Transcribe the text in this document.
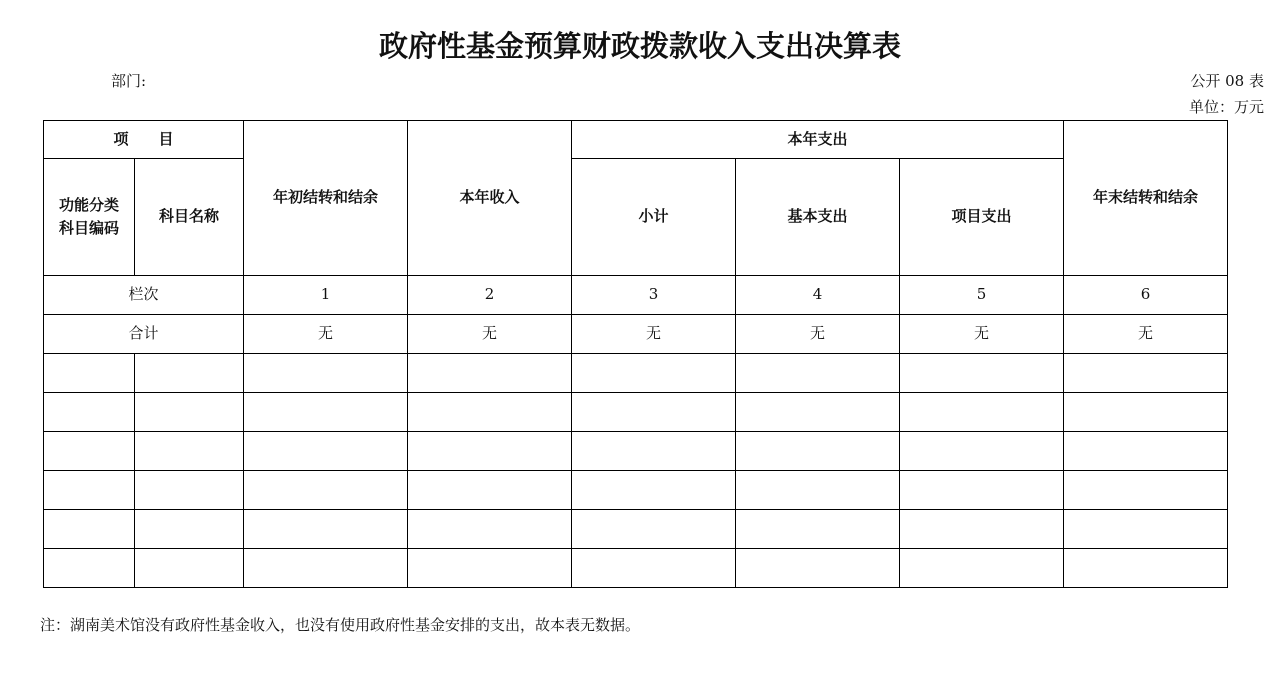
政府性基金预算财政拨款收入支出决算表
部门:	公开 08 表
单位：万元
项　　目		年初结转和结余	本年收入	本年支出			年末结转和结余
功能分类科目编码	科目名称			小计	基本支出	项目支出	
栏次		1	2	3	4	5	6
合计		无	无	无	无	无	无

注：湖南美术馆没有政府性基金收入，也没有使用政府性基金安排的支出，故本表无数据。
